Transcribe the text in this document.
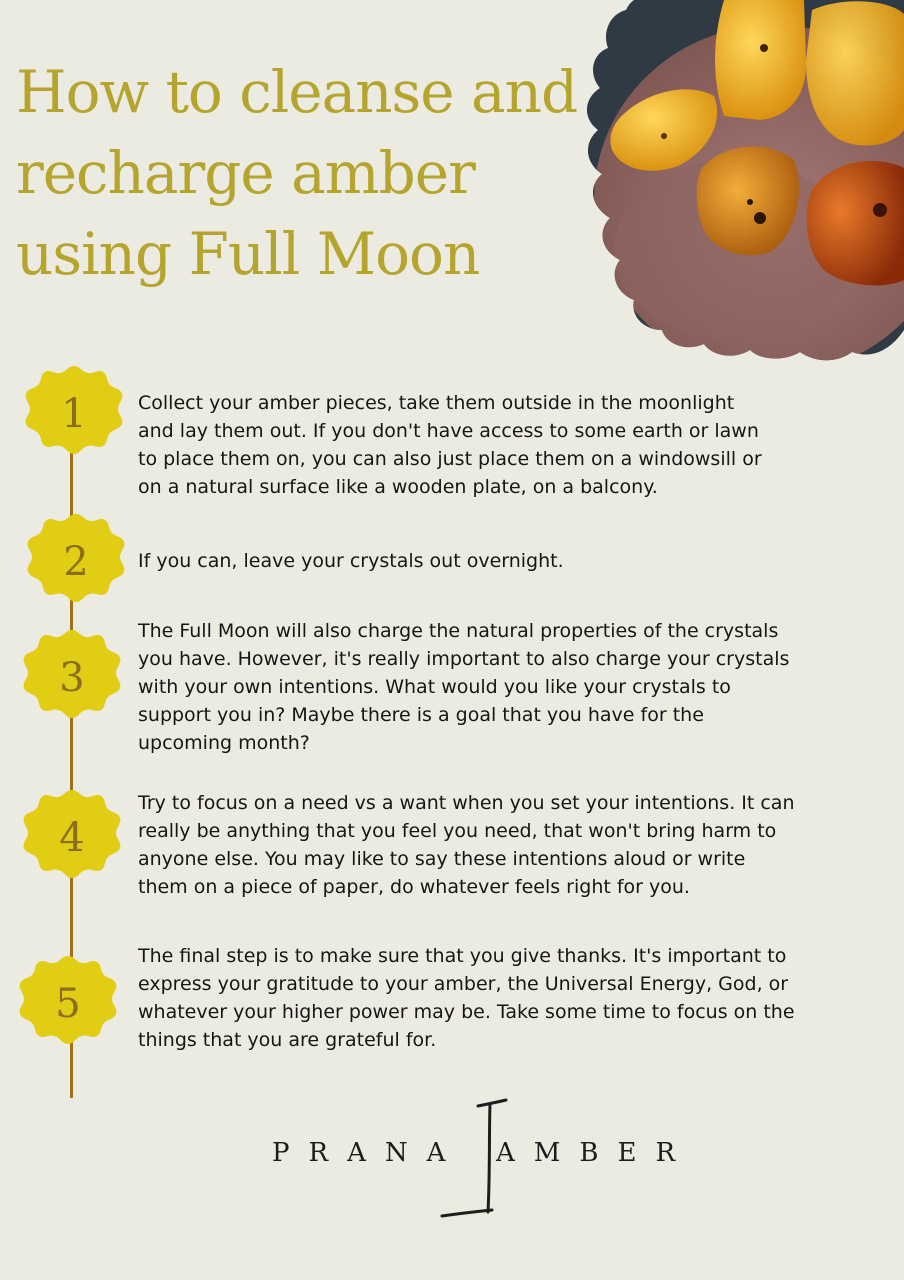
How to cleanse and
recharge amber
using Full Moon
1	Collect your amber pieces, take them outside in the moonlight
and lay them out. If you don't have access to some earth or lawn
to place them on, you can also just place them on a windowsill or
on a natural surface like a wooden plate, on a balcony.
2	If you can, leave your crystals out overnight.
3
The Full Moon will also charge the natural properties of the crystals
you have. However, it's really important to also charge your crystals
with your own intentions. What would you like your crystals to
support you in? Maybe there is a goal that you have for the
upcoming month?
4
Try to focus on a need vs a want when you set your intentions. It can
really be anything that you feel you need, that won't bring harm to
anyone else. You may like to say these intentions aloud or write
them on a piece of paper, do whatever feels right for you.
5
The final step is to make sure that you give thanks. It's important to
express your gratitude to your amber, the Universal Energy, God, or
whatever your higher power may be. Take some time to focus on the
things that you are grateful for.
PRANA AMBER
